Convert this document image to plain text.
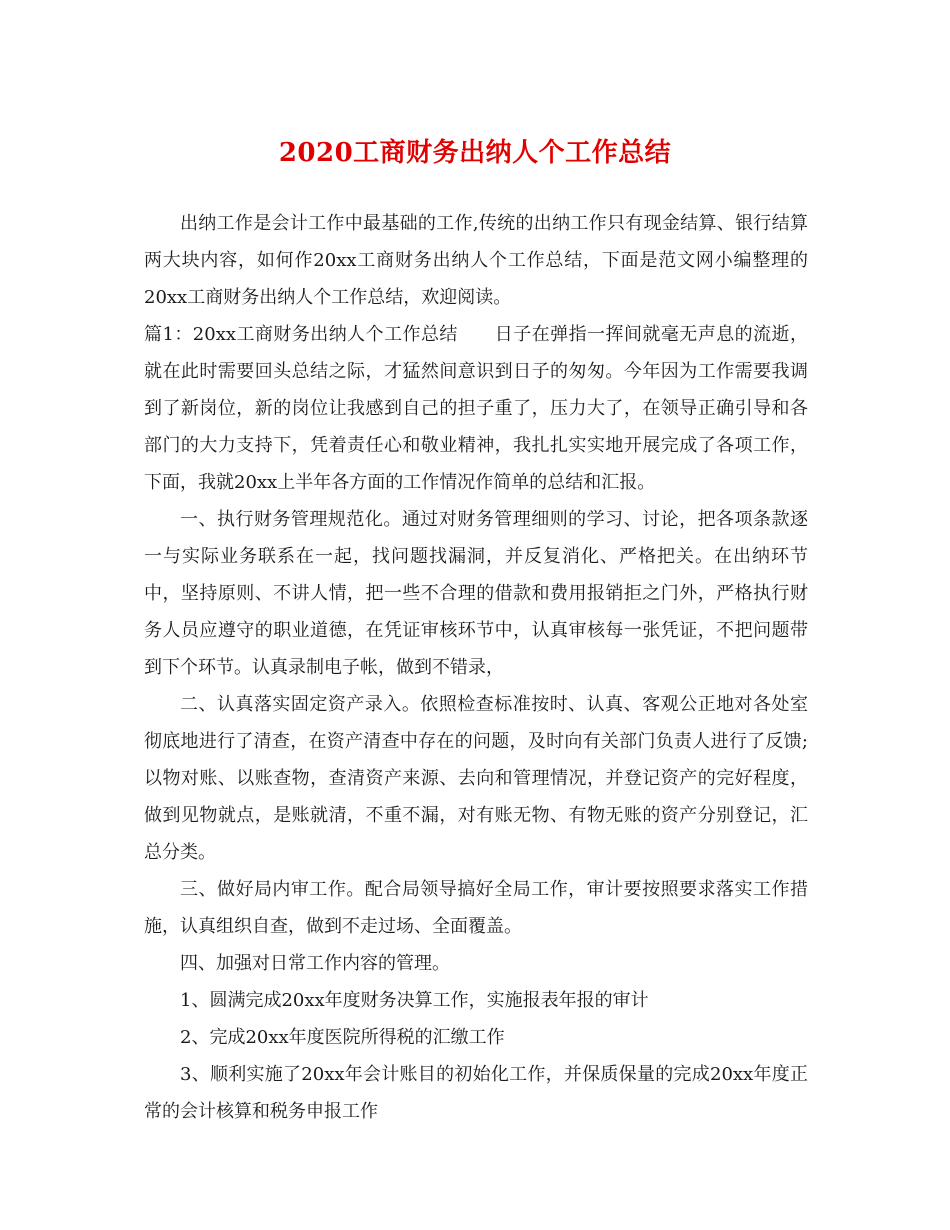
2020工商财务出纳人个工作总结

出纳工作是会计工作中最基础的工作,传统的出纳工作只有现金结算、银行结算两大块内容，如何作20xx工商财务出纳人个工作总结，下面是范文网小编整理的20xx工商财务出纳人个工作总结，欢迎阅读。

篇1：20xx工商财务出纳人个工作总结　　日子在弹指一挥间就毫无声息的流逝，就在此时需要回头总结之际，才猛然间意识到日子的匆匆。今年因为工作需要我调到了新岗位，新的岗位让我感到自己的担子重了，压力大了，在领导正确引导和各部门的大力支持下，凭着责任心和敬业精神，我扎扎实实地开展完成了各项工作，下面，我就20xx上半年各方面的工作情况作简单的总结和汇报。

一、执行财务管理规范化。通过对财务管理细则的学习、讨论，把各项条款逐一与实际业务联系在一起，找问题找漏洞，并反复消化、严格把关。在出纳环节中，坚持原则、不讲人情，把一些不合理的借款和费用报销拒之门外，严格执行财务人员应遵守的职业道德，在凭证审核环节中，认真审核每一张凭证，不把问题带到下个环节。认真录制电子帐，做到不错录，

二、认真落实固定资产录入。依照检查标准按时、认真、客观公正地对各处室彻底地进行了清查，在资产清查中存在的问题，及时向有关部门负责人进行了反馈;以物对账、以账查物，查清资产来源、去向和管理情况，并登记资产的完好程度，做到见物就点，是账就清，不重不漏，对有账无物、有物无账的资产分别登记，汇总分类。

三、做好局内审工作。配合局领导搞好全局工作，审计要按照要求落实工作措施，认真组织自查，做到不走过场、全面覆盖。

四、加强对日常工作内容的管理。

1、圆满完成20xx年度财务决算工作，实施报表年报的审计

2、完成20xx年度医院所得税的汇缴工作

3、顺利实施了20xx年会计账目的初始化工作，并保质保量的完成20xx年度正常的会计核算和税务申报工作
